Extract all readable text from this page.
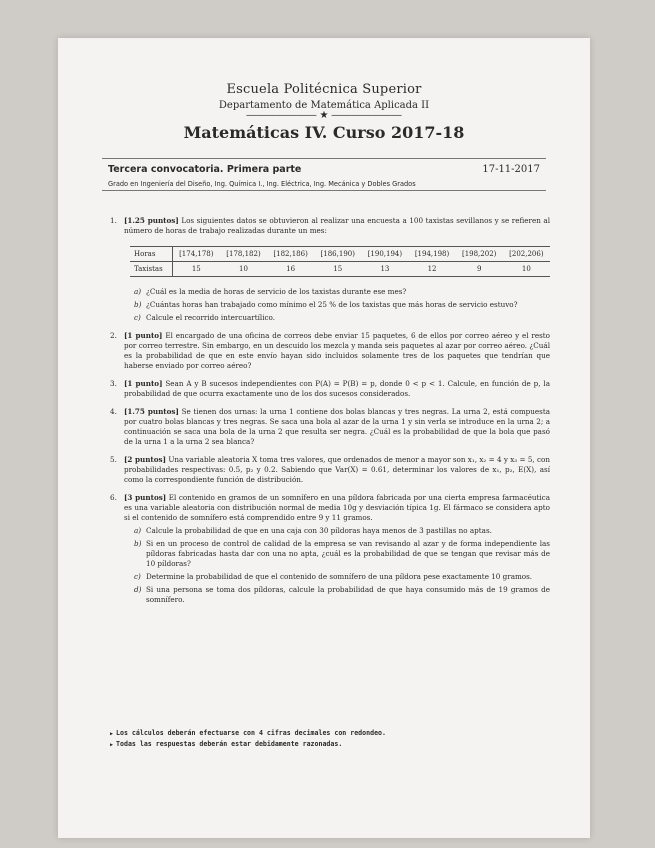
Escuela Politécnica Superior
Departamento de Matemática Aplicada II
――――――― ★ ―――――――
Matemáticas IV. Curso 2017-18
Tercera convocatoria. Primera parte	17-11-2017
Grado en Ingeniería del Diseño, Ing. Química I., Ing. Eléctrica, Ing. Mecánica y Dobles Grados
1. [1.25 puntos] Los siguientes datos se obtuvieron al realizar una encuesta a 100 taxistas sevillanos y se refieren al número de horas de trabajo realizadas durante un mes:
Horas	[174,178)	[178,182)	[182,186)	[186,190)	[190,194)	[194,198)	[198,202)	[202,206)
Taxistas	15	10	16	15	13	12	9	10
a) ¿Cuál es la media de horas de servicio de los taxistas durante ese mes?
b) ¿Cuántas horas han trabajado como mínimo el 25 % de los taxistas que más horas de servicio estuvo?
c) Calcule el recorrido intercuartílico.
2. [1 punto] El encargado de una oficina de correos debe enviar 15 paquetes, 6 de ellos por correo aéreo y el resto por correo terrestre. Sin embargo, en un descuido los mezcla y manda seis paquetes al azar por correo aéreo. ¿Cuál es la probabilidad de que en este envío hayan sido incluidos solamente tres de los paquetes que tendrían que haberse enviado por correo aéreo?
3. [1 punto] Sean A y B sucesos independientes con P(A) = P(B) = p, donde 0 < p < 1. Calcule, en función de p, la probabilidad de que ocurra exactamente uno de los dos sucesos considerados.
4. [1.75 puntos] Se tienen dos urnas: la urna 1 contiene dos bolas blancas y tres negras. La urna 2, está compuesta por cuatro bolas blancas y tres negras. Se saca una bola al azar de la urna 1 y sin verla se introduce en la urna 2; a continuación se saca una bola de la urna 2 que resulta ser negra. ¿Cuál es la probabilidad de que la bola que pasó de la urna 1 a la urna 2 sea blanca?
5. [2 puntos] Una variable aleatoria X toma tres valores, que ordenados de menor a mayor son x₁, x₂ = 4 y x₃ = 5, con probabilidades respectivas: 0.5, p₂ y 0.2. Sabiendo que Var(X) = 0.61, determinar los valores de x₁, p₂, E(X), así como la correspondiente función de distribución.
6. [3 puntos] El contenido en gramos de un somnífero en una píldora fabricada por una cierta empresa farmacéutica es una variable aleatoria con distribución normal de media 10g y desviación típica 1g. El fármaco se considera apto si el contenido de somnífero está comprendido entre 9 y 11 gramos.
a) Calcule la probabilidad de que en una caja con 30 píldoras haya menos de 3 pastillas no aptas.
b) Si en un proceso de control de calidad de la empresa se van revisando al azar y de forma independiente las píldoras fabricadas hasta dar con una no apta, ¿cuál es la probabilidad de que se tengan que revisar más de 10 píldoras?
c) Determine la probabilidad de que el contenido de somnífero de una píldora pese exactamente 10 gramos.
d) Si una persona se toma dos píldoras, calcule la probabilidad de que haya consumido más de 19 gramos de somnífero.
▶ Los cálculos deberán efectuarse con 4 cifras decimales con redondeo.
▶ Todas las respuestas deberán estar debidamente razonadas.
